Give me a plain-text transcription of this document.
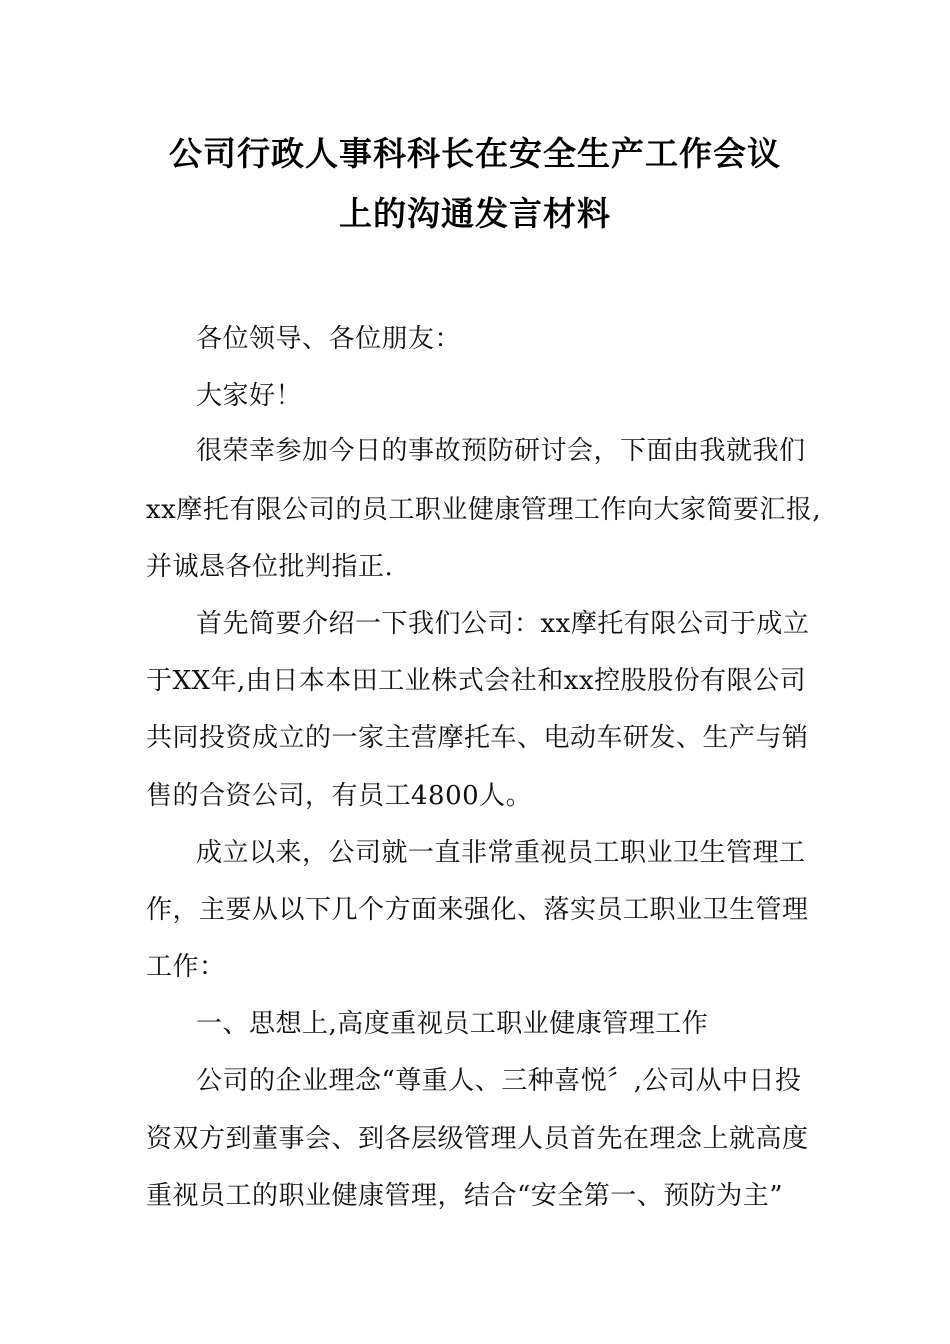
公司行政人事科科长在安全生产工作会议
上的沟通发言材料

各位领导、各位朋友：

大家好！

很荣幸参加今日的事故预防研讨会，下面由我就我们

xx摩托有限公司的员工职业健康管理工作向大家简要汇报,

并诚恳各位批判指正.

首先简要介绍一下我们公司：xx摩托有限公司于成立

于XX年,由日本本田工业株式会社和xx控股股份有限公司

共同投资成立的一家主营摩托车、电动车研发、生产与销

售的合资公司，有员工4800人。

成立以来，公司就一直非常重视员工职业卫生管理工

作，主要从以下几个方面来强化、落实员工职业卫生管理

工作：

一、思想上,高度重视员工职业健康管理工作

公司的企业理念“尊重人、三种喜悦〞,公司从中日投

资双方到董事会、到各层级管理人员首先在理念上就高度

重视员工的职业健康管理，结合“安全第一、预防为主”
